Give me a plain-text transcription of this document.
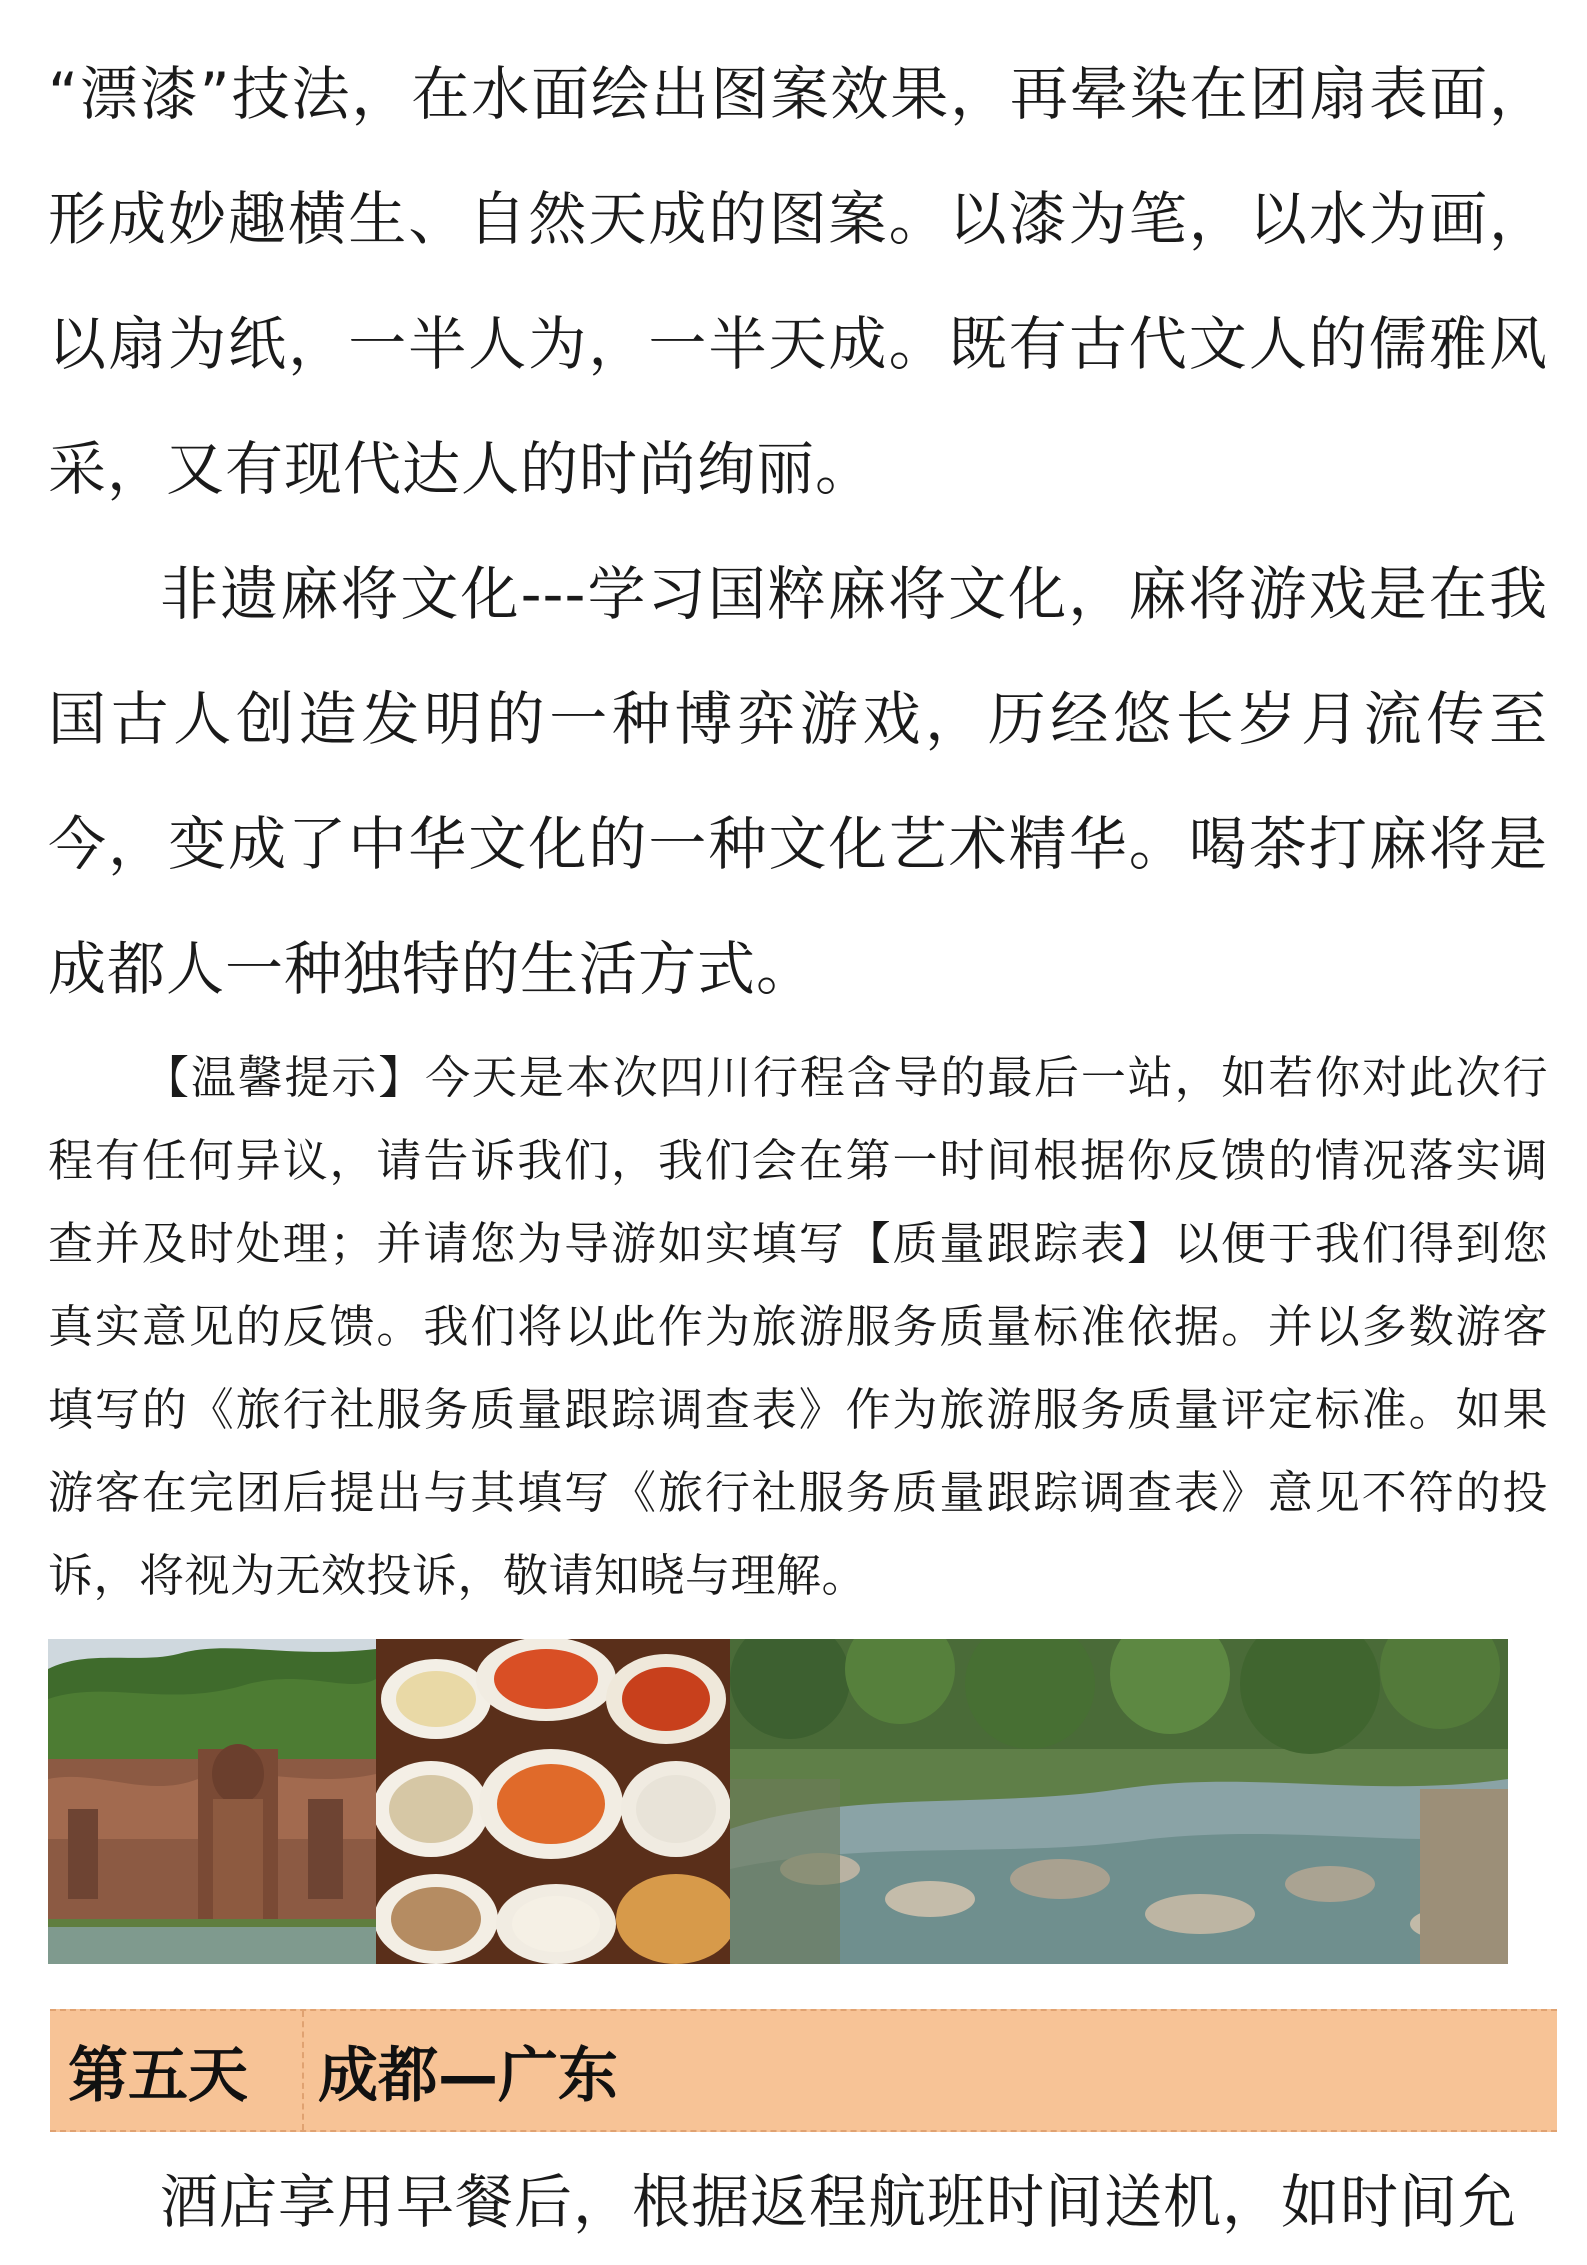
“漂漆”技法，在水面绘出图案效果，再晕染在团扇表面，形成妙趣横生、自然天成的图案。以漆为笔，以水为画，以扇为纸，一半人为，一半天成。既有古代文人的儒雅风采，又有现代达人的时尚绚丽。

非遗麻将文化---学习国粹麻将文化，麻将游戏是在我国古人创造发明的一种博弈游戏，历经悠长岁月流传至今，变成了中华文化的一种文化艺术精华。喝茶打麻将是成都人一种独特的生活方式。

【温馨提示】今天是本次四川行程含导的最后一站，如若你对此次行程有任何异议，请告诉我们，我们会在第一时间根据你反馈的情况落实调查并及时处理；并请您为导游如实填写【质量跟踪表】以便于我们得到您真实意见的反馈。我们将以此作为旅游服务质量标准依据。并以多数游客填写的《旅行社服务质量跟踪调查表》作为旅游服务质量评定标准。如果游客在完团后提出与其填写《旅行社服务质量跟踪调查表》意见不符的投诉，将视为无效投诉，敬请知晓与理解。

第五天	成都—广东

酒店享用早餐后，根据返程航班时间送机，如时间允
